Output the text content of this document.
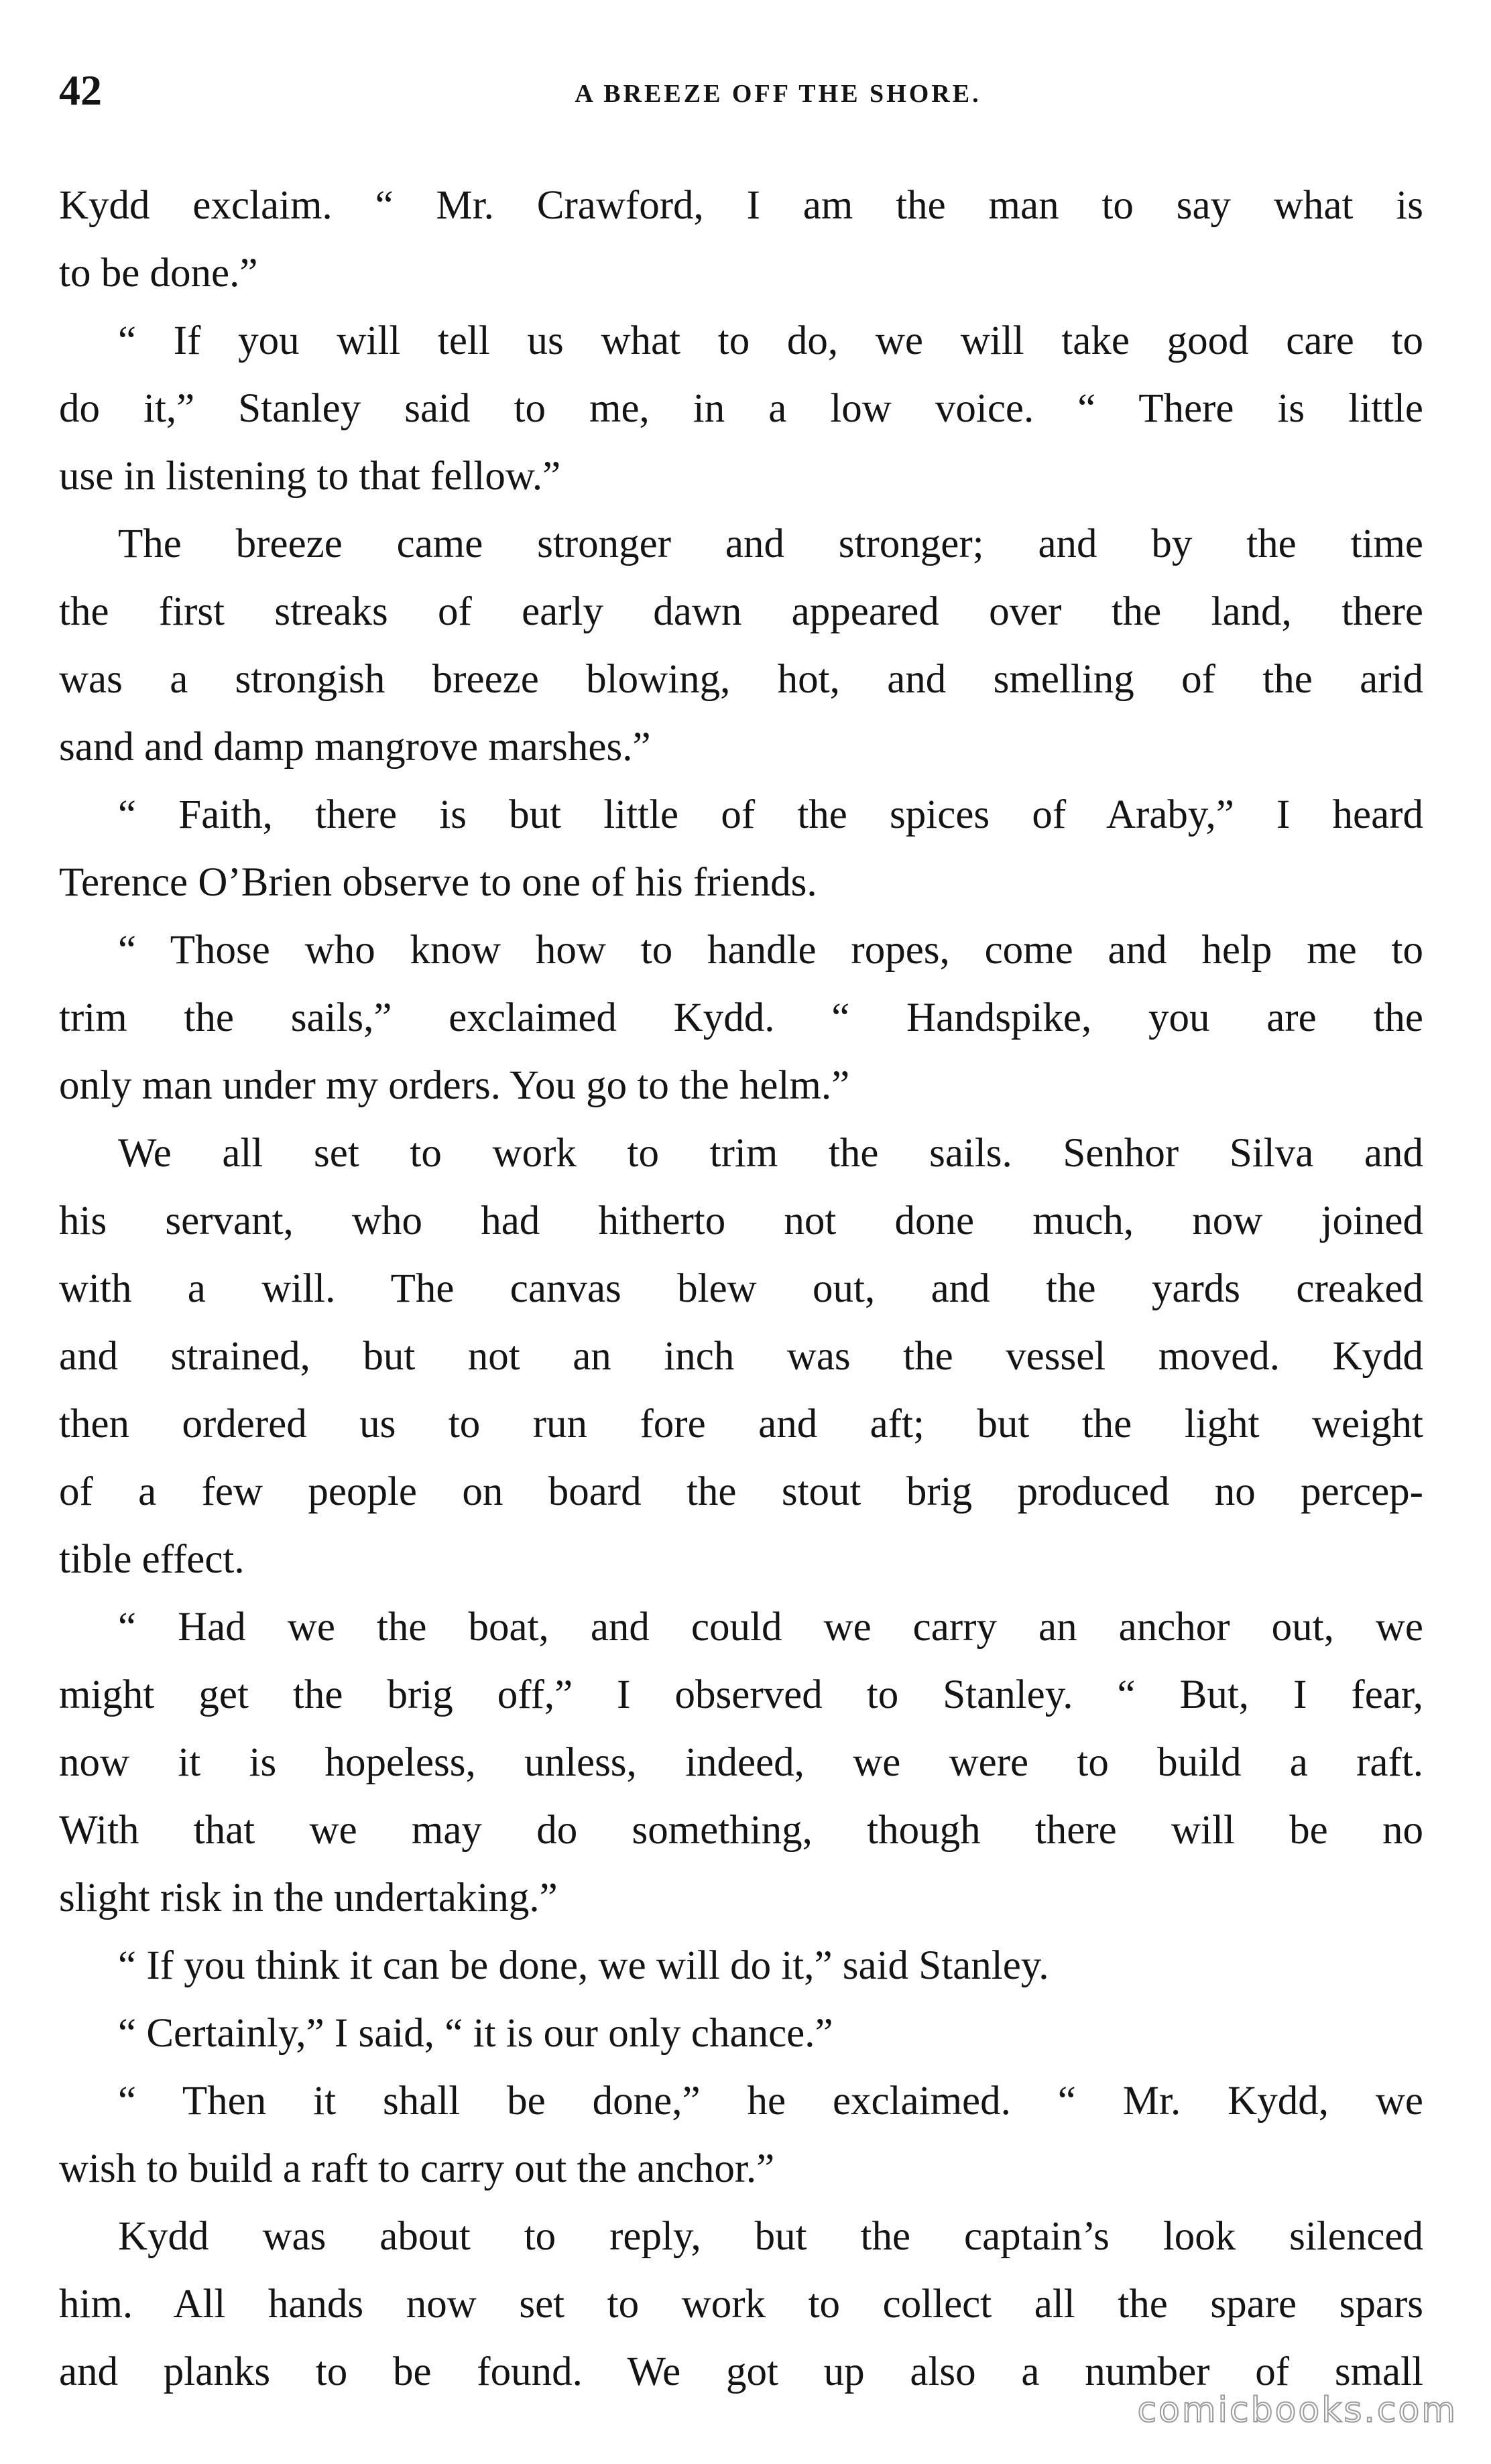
42	A BREEZE OFF THE SHORE.
Kydd exclaim. “ Mr. Crawford, I am the man to say what is
to be done.”
“ If you will tell us what to do, we will take good care to
do it,” Stanley said to me, in a low voice. “ There is little
use in listening to that fellow.”
The breeze came stronger and stronger; and by the time
the first streaks of early dawn appeared over the land, there
was a strongish breeze blowing, hot, and smelling of the arid
sand and damp mangrove marshes.”
“ Faith, there is but little of the spices of Araby,” I heard
Terence O’Brien observe to one of his friends.
“ Those who know how to handle ropes, come and help me to
trim the sails,” exclaimed Kydd. “ Handspike, you are the
only man under my orders. You go to the helm.”
We all set to work to trim the sails. Senhor Silva and
his servant, who had hitherto not done much, now joined
with a will. The canvas blew out, and the yards creaked
and strained, but not an inch was the vessel moved. Kydd
then ordered us to run fore and aft; but the light weight
of a few people on board the stout brig produced no percep-
tible effect.
“ Had we the boat, and could we carry an anchor out, we
might get the brig off,” I observed to Stanley. “ But, I fear,
now it is hopeless, unless, indeed, we were to build a raft.
With that we may do something, though there will be no
slight risk in the undertaking.”
“ If you think it can be done, we will do it,” said Stanley.
“ Certainly,” I said, “ it is our only chance.”
“ Then it shall be done,” he exclaimed. “ Mr. Kydd, we
wish to build a raft to carry out the anchor.”
Kydd was about to reply, but the captain’s look silenced
him. All hands now set to work to collect all the spare spars
and planks to be found. We got up also a number of small
comicbooks.com
